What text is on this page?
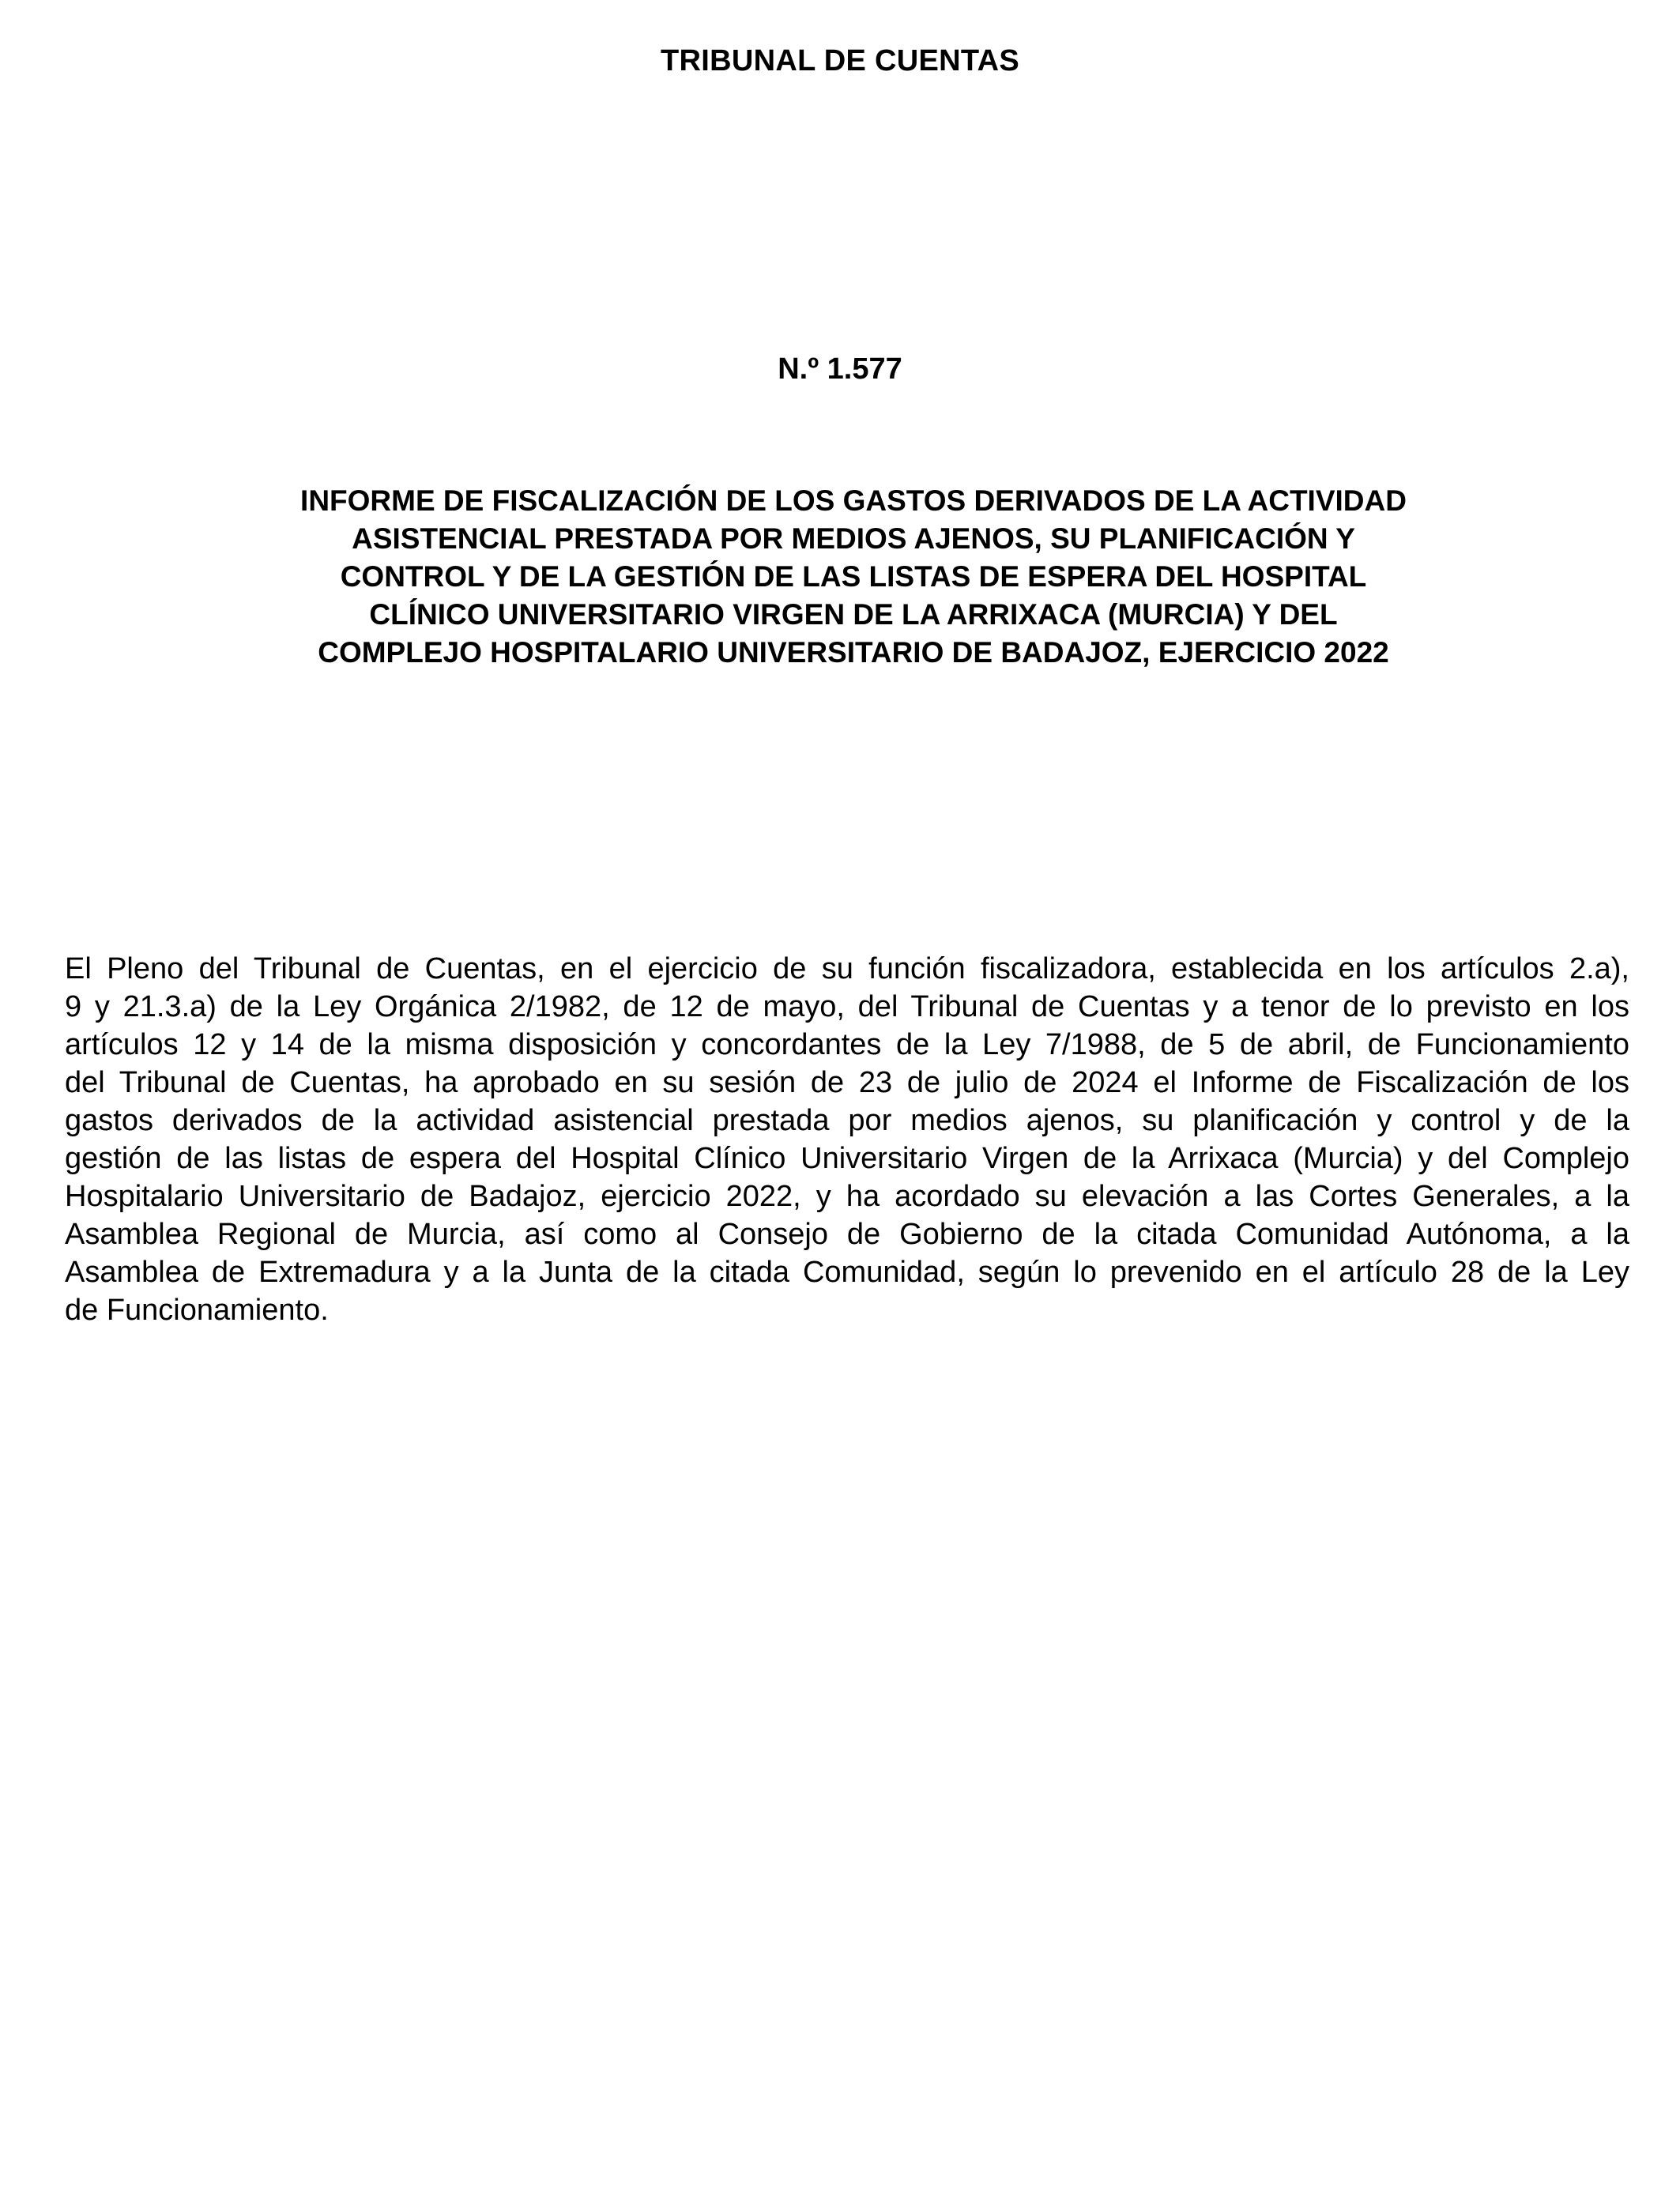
TRIBUNAL DE CUENTAS
N.º 1.577
INFORME DE FISCALIZACIÓN DE LOS GASTOS DERIVADOS DE LA ACTIVIDAD
ASISTENCIAL PRESTADA POR MEDIOS AJENOS, SU PLANIFICACIÓN Y
CONTROL Y DE LA GESTIÓN DE LAS LISTAS DE ESPERA DEL HOSPITAL
CLÍNICO UNIVERSITARIO VIRGEN DE LA ARRIXACA (MURCIA) Y DEL
COMPLEJO HOSPITALARIO UNIVERSITARIO DE BADAJOZ, EJERCICIO 2022
El Pleno del Tribunal de Cuentas, en el ejercicio de su función fiscalizadora, establecida en los artículos 2.a),
9 y 21.3.a) de la Ley Orgánica 2/1982, de 12 de mayo, del Tribunal de Cuentas y a tenor de lo previsto en los
artículos 12 y 14 de la misma disposición y concordantes de la Ley 7/1988, de 5 de abril, de Funcionamiento
del Tribunal de Cuentas, ha aprobado en su sesión de 23 de julio de 2024 el Informe de Fiscalización de los
gastos derivados de la actividad asistencial prestada por medios ajenos, su planificación y control y de la
gestión de las listas de espera del Hospital Clínico Universitario Virgen de la Arrixaca (Murcia) y del Complejo
Hospitalario Universitario de Badajoz, ejercicio 2022, y ha acordado su elevación a las Cortes Generales, a la
Asamblea Regional de Murcia, así como al Consejo de Gobierno de la citada Comunidad Autónoma, a la
Asamblea de Extremadura y a la Junta de la citada Comunidad, según lo prevenido en el artículo 28 de la Ley
de Funcionamiento.
